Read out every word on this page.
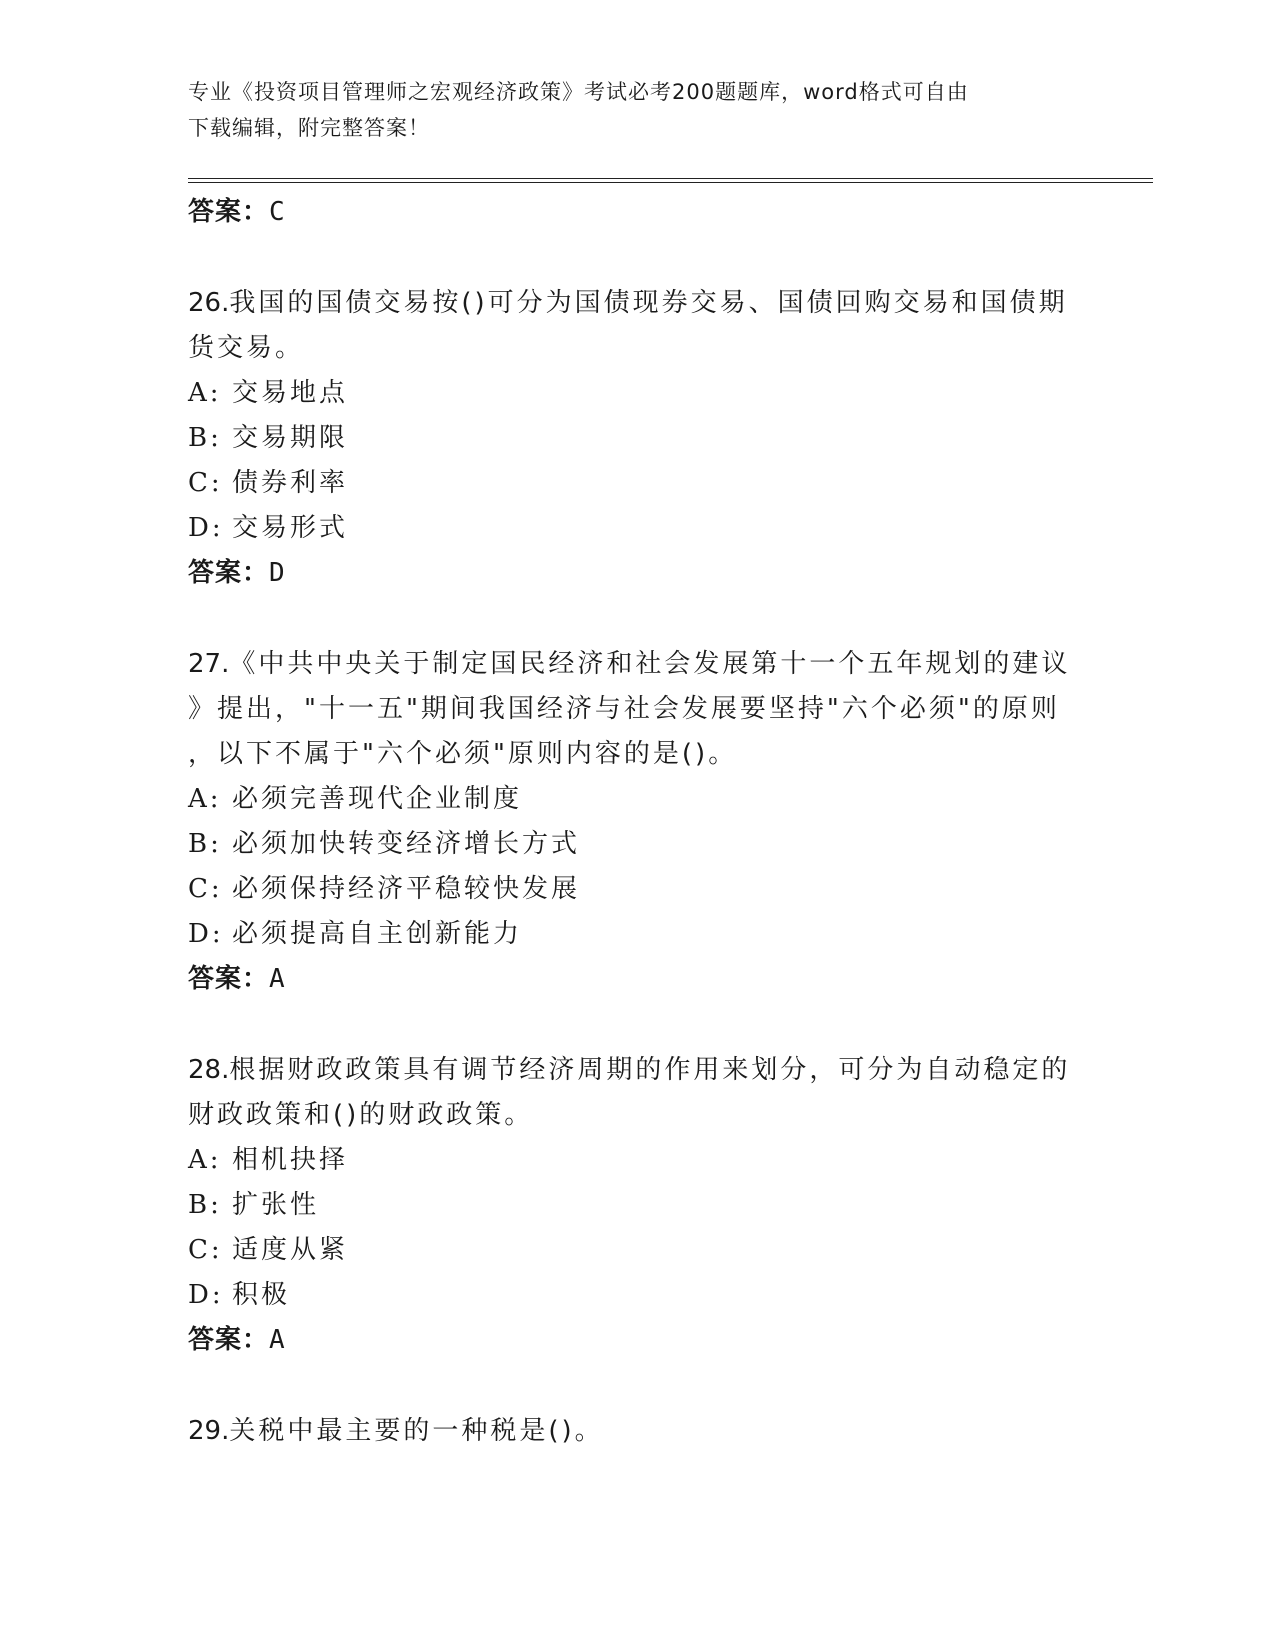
专业《投资项目管理师之宏观经济政策》考试必考200题题库，word格式可自由
下载编辑，附完整答案！
答案：C
26.我国的国债交易按()可分为国债现券交易、国债回购交易和国债期
货交易。
A: 交易地点
B: 交易期限
C: 债券利率
D: 交易形式
答案：D
27.《中共中央关于制定国民经济和社会发展第十一个五年规划的建议
》提出，"十一五"期间我国经济与社会发展要坚持"六个必须"的原则
，以下不属于"六个必须"原则内容的是()。
A: 必须完善现代企业制度
B: 必须加快转变经济增长方式
C: 必须保持经济平稳较快发展
D: 必须提高自主创新能力
答案：A
28.根据财政政策具有调节经济周期的作用来划分，可分为自动稳定的
财政政策和()的财政政策。
A: 相机抉择
B: 扩张性
C: 适度从紧
D: 积极
答案：A
29.关税中最主要的一种税是()。
